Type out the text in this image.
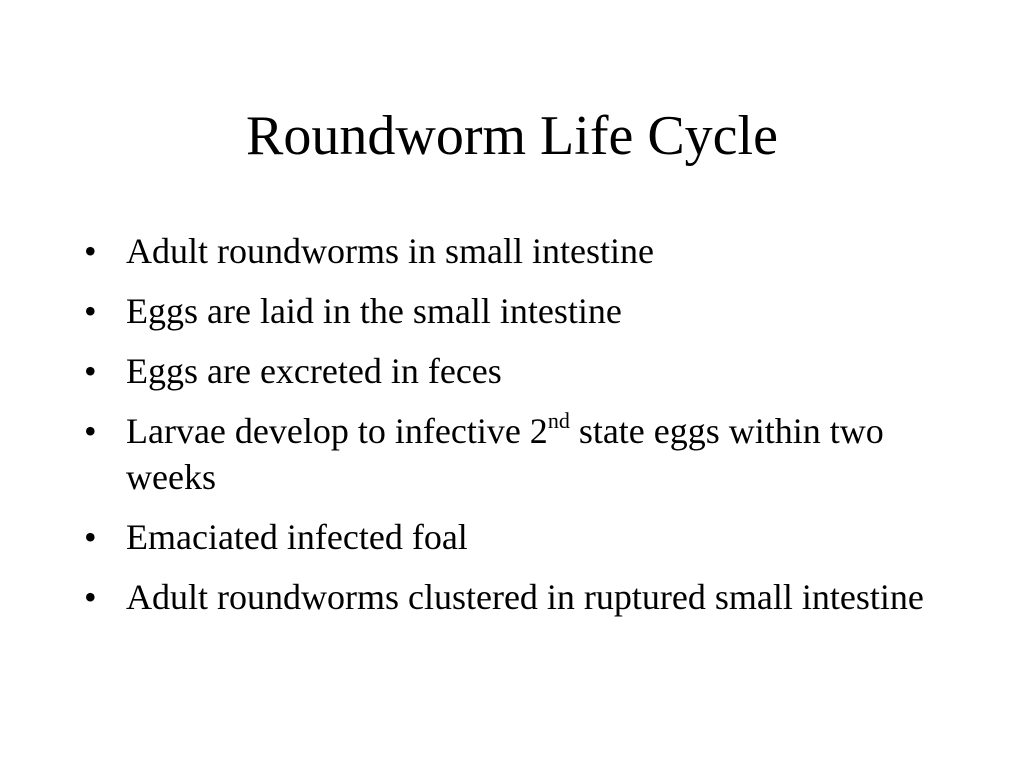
Roundworm Life Cycle
• Adult roundworms in small intestine
• Eggs are laid in the small intestine
• Eggs are excreted in feces
• Larvae develop to infective 2nd state eggs within two weeks
• Emaciated infected foal
• Adult roundworms clustered in ruptured small intestine
